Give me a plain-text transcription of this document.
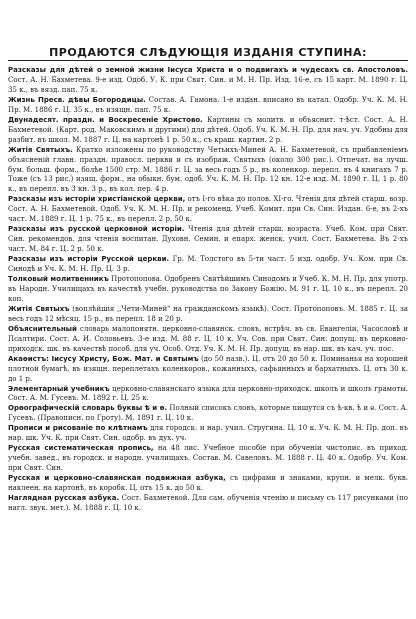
ПРОДАЮТСЯ СЛѢДУЮЩІЯ ИЗДАНІЯ СТУПИНА:

Разсказы для дѣтей о земной жизни Іисуса Христа и о подвигахъ и чудесахъ св. Апостоловъ. Сост. А. Н. Бахметева. 9-е изд. Одоб. У. К. при Свят. Син. и М. Н. Пр. Изд. 16-е, съ 15 карт. М. 1890 г. Ц. 35 к., въ вязд. пап. 75 к.

Жизнь Пресв. дѣвы Богородицы. Состав. А. Гамона. 1-е издан. вписано въ катал. Одобр. Уч. К. М. Н. Пр. М. 1886 г. Ц. 35 к., въ изящн. пап. 75 к.

Двунадесят. праздн. и Воскресеніе Христово. Картины съ молитв. и объяснит. т-ѣст. Сост. А. Н. Бахметевой. (Карт. род. Маковскимъ и другими) для дѣтей. Одоб. Уч. К. М. Н. Пр. для нач. уч. Удобны для разбит. въ школ. М. 1887 г. Ц. на картонѣ 1 р. 50 к., съ краш. картин. 2 р.

Житія Святыхъ. Кратко изложены по руководству Четьихъ-Миней А. Н. Бахметевой, съ прибавленіемъ объясненій главн. праздн. правосл. церкви и съ изображ. Святыхъ (около 300 рис.). Отпечат. на лучш. бум. больш. форм., болѣе 1500 стр. М. 1886 г. Ц. за весь годъ 5 р., въ коленкор. перепл. въ 4 книгахъ 7 р. Тоже (съ 13 рис.) изящ. форм., на обыкн. бум. одоб. Уч. К. М. Н. Пр. 12 кн. 12-е изд. М. 1890 г. Ц. 1 р. 80 к., въ перепл. въ 3 кн. 3 р., въ кол. пер. 4 р.

Разсказы изъ исторіи христіанской церкви, отъ I-го вѣка до полов. XI-го. Чтенія для дѣтей старш. возр. Сост. А. Н. Бахметевой. Одоб. Уч. К. М. Н. Пр. и рекоменд. Учеб. Комит. при Св. Син. Издан. 6-е, въ 2-хъ част. М. 1889 г. Ц. 1 р. 75 к., въ перепл. 2 р. 50 к.

Разсказы изъ русской церковной исторіи. Чтенія для дѣтей старш. возраста. Учеб. Ком. при Свят. Син. рекомендов. для чтенія воспитан. Духовн. Семин. и епарх. женск. учил. Сост. Бахметева. Въ 2-хъ част. М. 84 г. Ц. 2 р. 50 к.

Разсказы изъ исторіи Русской церкви. Гр. М. Толстого въ 5-ти част. 5 изд. одобр. Уч. Ком. при Св. Синодѣ и Уч. К. М. Н. Пр. Ц. 3 р.

Толковый молитвенникъ Протопопова. Одобренъ Святѣйшимъ Синодомъ и Учеб. К. М. Н. Пр. для употр. въ Народн. Училищахъ въ качествѣ учебн. руководства по Закону Божію. М. 91 г. Ц. 10 к., въ перепл. 20 коп.

Житія Святыхъ (воплѣйшія ,,Чети-Миней" на гражданскомъ языкѣ). Сост. Протопоповъ. М. 1885 г. Ц. за весь годъ 12 мѣсяц. 15 р., въ перепл. 18 и 20 р.

Объяснительный словарь малопонятн. церковно-славянск. словъ, встрѣч. въ св. Евангеліи, Часословѣ и Псалтири. Сост. А. И. Соловьевъ. 3-е изд. М. 88 г. Ц. 10 к. Уч. Сов. при Свят. Син. допущ. въ церковно-приходск. шк. въ качествѣ пособ. для уч. Особ. Отд. Уч. К. М. Н. Пр. допущ. въ нар. шк. въ кач. уч. пос.

Акаѳистъ: Іисусу Христу, Бож. Мат. и Святымъ (до 50 назв.). Ц. отъ 20 до 50 к. Поминанья на хорошей плотной бумагѣ, въ изящн. переплетахъ коленкоров., кожанныхъ, сафьянныхъ и бархатныхъ. Ц. отъ 30 к. до 1 р.

Элементарный учебникъ церковно-славянскаго языка для церковно-приходск. школъ и школъ грамоты. Сост. А. М. Гусевъ. М. 1892 г. Ц. 25 к.

Орѳографическій словарь буквы ѣ и ѳ. Полный списокъ словъ, которые пишутся съ ѣ-кв. ѣ и ѳ. Сост. А. Гусевъ. (Правописн. по Гроту). М. 1891 г. Ц. 10 к.

Прописи и рисованіе по клѣтнамъ для городск. и нар. учил. Стругина. Ц. 10 к. Уч. К. М. Н. Пр. доп. въ нар. шк. Уч. К. при Свят. Син. одобр. въ дух. уч.

Русская систематическая пропись, на 48 лис. Учебное пособіе при обученіи чистопис. въ приход. учебн. завед., въ городск. и народн. училищахъ. Состав. М. Савеловъ. М. 1888 г. Ц. 40 к. Одобр. Уч. Ком. при Свят. Син.

Русская и церковно-славянская подвижная азбука, съ цифрами и знаками, крупн. и мелк. букв. наклеен. на картонѣ, въ коробк. Ц. отъ 15 к. до 50 к.

Наглядная русская азбука. Сост. Бахметевой. Для сам. обученія чтенію и письму съ 117 рисунками (по нагл. звук. мет.). М. 1888 г. Ц. 10 к.
